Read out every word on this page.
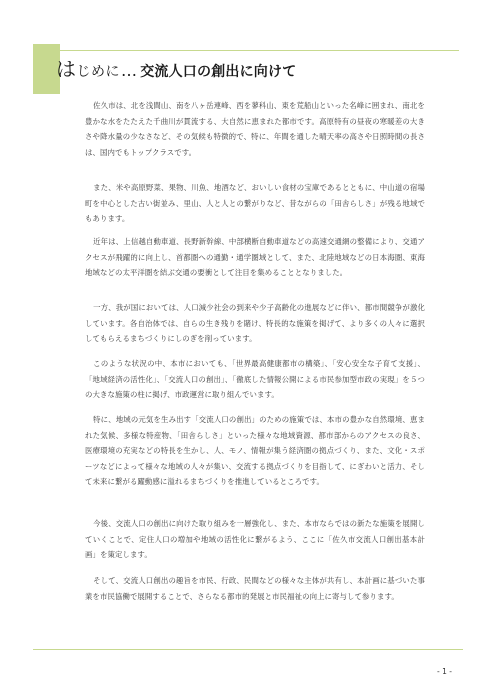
はじめに… 交流人口の創出に向けて

佐久市は、北を浅間山、南を八ヶ岳連峰、西を蓼科山、東を荒船山といった名峰に囲まれ、南北を豊かな水をたたえた千曲川が貫流する、大自然に恵まれた都市です。高原特有の昼夜の寒暖差の大きさや降水量の少なさなど、その気候も特徴的で、特に、年間を通した晴天率の高さや日照時間の長さは、国内でもトップクラスです。

また、米や高原野菜、果物、川魚、地酒など、おいしい食材の宝庫であるとともに、中山道の宿場町を中心とした古い街並み、里山、人と人との繋がりなど、昔ながらの「田舎らしさ」が残る地域でもあります。

近年は、上信越自動車道、長野新幹線、中部横断自動車道などの高速交通網の整備により、交通アクセスが飛躍的に向上し、首都圏への通勤・通学圏域として、また、北陸地域などの日本海圏、東海地域などの太平洋圏を結ぶ交通の要衝として注目を集めることとなりました。

一方、我が国においては、人口減少社会の到来や少子高齢化の進展などに伴い、都市間競争が激化しています。各自治体では、自らの生き残りを賭け、特長的な施策を掲げて、より多くの人々に選択してもらえるまちづくりにしのぎを削っています。

このような状況の中、本市においても、「世界最高健康都市の構築」、「安心安全な子育て支援」、「地域経済の活性化」、「交流人口の創出」、「徹底した情報公開による市民参加型市政の実現」を５つの大きな施策の柱に掲げ、市政運営に取り組んでいます。

特に、地域の元気を生み出す「交流人口の創出」のための施策では、本市の豊かな自然環境、恵まれた気候、多様な特産物、「田舎らしさ」といった様々な地域資源、都市部からのアクセスの良さ、医療環境の充実などの特長を生かし、人、モノ、情報が集う経済圏の拠点づくり、また、文化・スポーツなどによって様々な地域の人々が集い、交流する拠点づくりを目指して、にぎわいと活力、そして未来に繋がる躍動感に溢れるまちづくりを推進しているところです。

今後、交流人口の創出に向けた取り組みを一層強化し、また、本市ならではの新たな施策を展開していくことで、定住人口の増加や地域の活性化に繋がるよう、ここに「佐久市交流人口創出基本計画」を策定します。

そして、交流人口創出の趣旨を市民、行政、民間などの様々な主体が共有し、本計画に基づいた事業を市民協働で展開することで、さらなる都市的発展と市民福祉の向上に寄与して参ります。

- 1 -
